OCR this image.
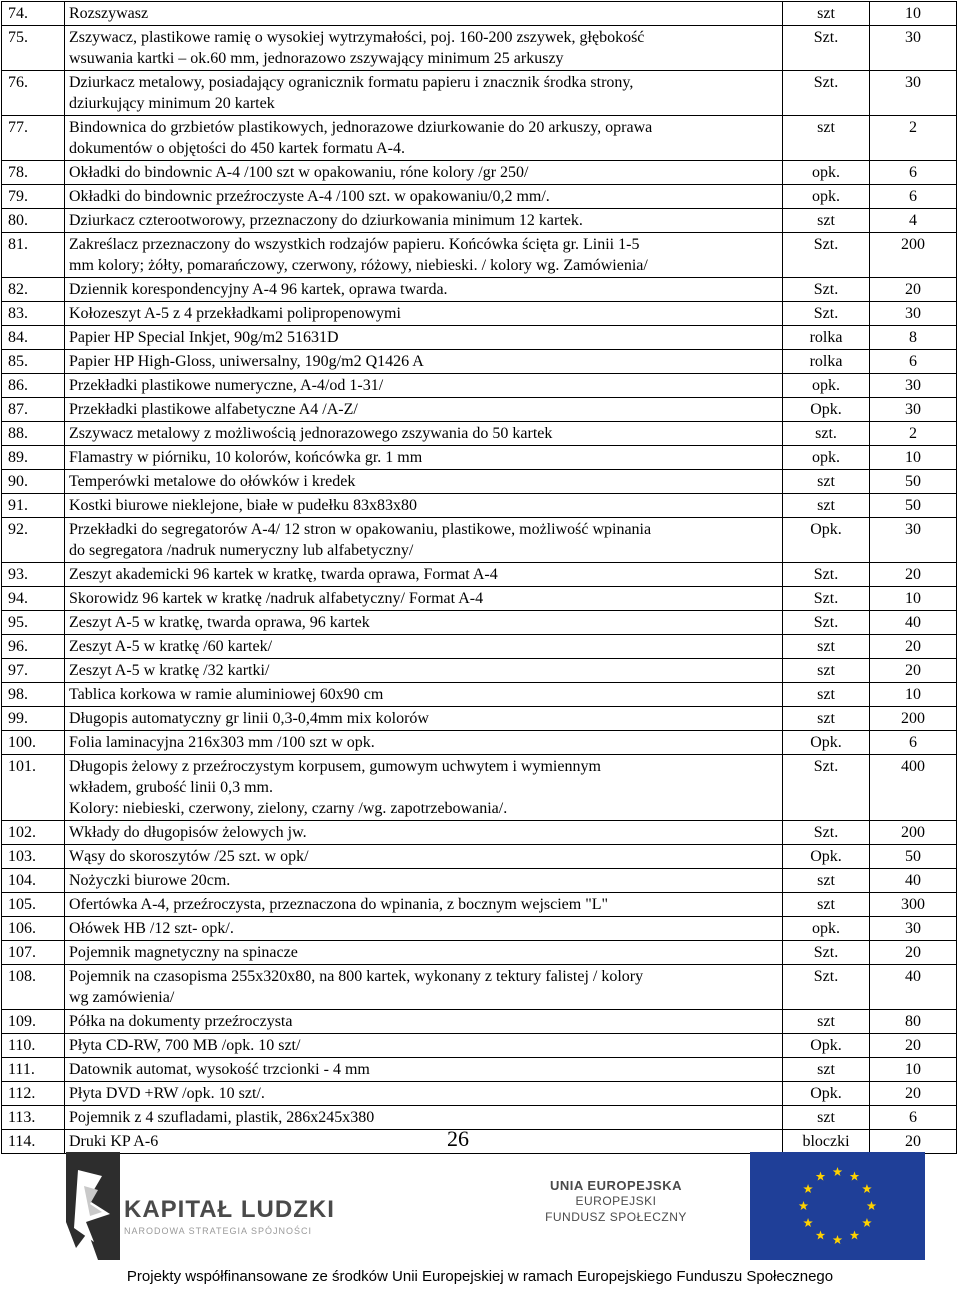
74.	Rozszywasz	szt	10
75.	Zszywacz, plastikowe ramię o wysokiej wytrzymałości, poj. 160-200 zszywek, głębokość
wsuwania kartki – ok.60 mm, jednorazowo zszywający minimum 25 arkuszy	Szt.	30
76.	Dziurkacz metalowy, posiadający ogranicznik formatu papieru i znacznik środka strony,
dziurkujący minimum 20 kartek	Szt.	30
77.	Bindownica do grzbietów plastikowych, jednorazowe dziurkowanie do 20 arkuszy, oprawa
dokumentów o objętości do 450 kartek formatu A-4.	szt	2
78.	Okładki do bindownic A-4 /100 szt w opakowaniu, róne kolory /gr 250/	opk.	6
79.	Okładki do bindownic przeźroczyste A-4 /100 szt. w opakowaniu/0,2 mm/.	opk.	6
80.	Dziurkacz czterootworowy, przeznaczony do dziurkowania minimum 12 kartek.	szt	4
81.	Zakreślacz przeznaczony do wszystkich rodzajów papieru. Końcówka ścięta gr. Linii 1-5
mm kolory; żółty, pomarańczowy, czerwony, różowy, niebieski. / kolory wg. Zamówienia/	Szt.	200
82.	Dziennik korespondencyjny A-4 96 kartek, oprawa twarda.	Szt.	20
83.	Kołozeszyt A-5 z 4 przekładkami polipropenowymi	Szt.	30
84.	Papier HP Special Inkjet, 90g/m2 51631D	rolka	8
85.	Papier HP High-Gloss, uniwersalny, 190g/m2 Q1426 A	rolka	6
86.	Przekładki plastikowe numeryczne, A-4/od 1-31/	opk.	30
87.	Przekładki plastikowe alfabetyczne A4 /A-Z/	Opk.	30
88.	Zszywacz metalowy z możliwością jednorazowego zszywania do 50 kartek	szt.	2
89.	Flamastry w piórniku, 10 kolorów, końcówka gr. 1 mm	opk.	10
90.	Temperówki metalowe do ołówków i kredek	szt	50
91.	Kostki biurowe nieklejone, białe w pudełku 83x83x80	szt	50
92.	Przekładki do segregatorów A-4/ 12 stron w opakowaniu, plastikowe, możliwość wpinania
do segregatora /nadruk numeryczny lub alfabetyczny/	Opk.	30
93.	Zeszyt akademicki 96 kartek w kratkę, twarda oprawa, Format A-4	Szt.	20
94.	Skorowidz 96 kartek w kratkę /nadruk alfabetyczny/ Format A-4	Szt.	10
95.	Zeszyt A-5 w kratkę, twarda oprawa, 96 kartek	Szt.	40
96.	Zeszyt A-5 w kratkę /60 kartek/	szt	20
97.	Zeszyt A-5 w kratkę /32 kartki/	szt	20
98.	Tablica korkowa w ramie aluminiowej 60x90 cm	szt	10
99.	Długopis automatyczny gr linii 0,3-0,4mm mix kolorów	szt	200
100.	Folia laminacyjna 216x303 mm /100 szt w opk.	Opk.	6
101.	Długopis żelowy z przeźroczystym korpusem, gumowym uchwytem i wymiennym
wkładem, grubość linii 0,3 mm.
Kolory: niebieski, czerwony, zielony, czarny /wg. zapotrzebowania/.	Szt.	400
102.	Wkłady do długopisów żelowych jw.	Szt.	200
103.	Wąsy do skoroszytów /25 szt. w opk/	Opk.	50
104.	Nożyczki biurowe 20cm.	szt	40
105.	Ofertówka A-4, przeźroczysta, przeznaczona do wpinania, z bocznym wejsciem "L"	szt	300
106.	Ołówek HB /12 szt- opk/.	opk.	30
107.	Pojemnik magnetyczny na spinacze	Szt.	20
108.	Pojemnik na czasopisma 255x320x80, na 800 kartek, wykonany z tektury falistej / kolory
wg zamówienia/	Szt.	40
109.	Półka na dokumenty przeźroczysta	szt	80
110.	Płyta CD-RW, 700 MB /opk. 10 szt/	Opk.	20
111.	Datownik automat, wysokość trzcionki - 4 mm	szt	10
112.	Płyta DVD +RW /opk. 10 szt/.	Opk.	20
113.	Pojemnik z 4 szufladami, plastik, 286x245x380	szt	6
114.	Druki KP A-6	bloczki	20
26
KAPITAŁ LUDZKI
NARODOWA STRATEGIA SPÓJNOŚCI
UNIA EUROPEJSKA
EUROPEJSKI
FUNDUSZ SPOŁECZNY
Projekty współfinansowane ze środków Unii Europejskiej w ramach Europejskiego Funduszu Społecznego
